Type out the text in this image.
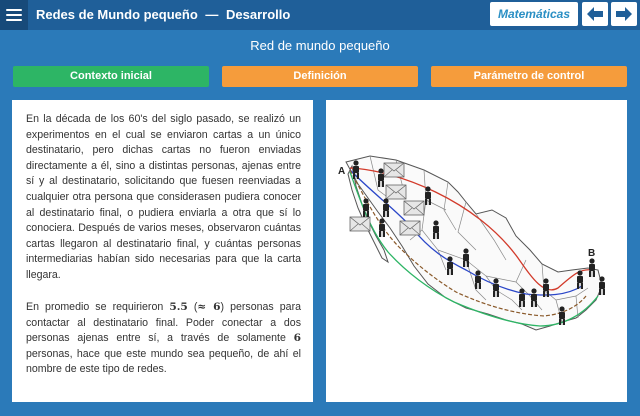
Redes de Mundo pequeño — Desarrollo	Matemáticas
Red de mundo pequeño
Contexto inicial	Definición	Parámetro de control

En la década de los 60's del siglo pasado, se realizó un experimentos en el cual se enviaron cartas a un único destinatario, pero dichas cartas no fueron enviadas directamente a él, sino a distintas personas, ajenas entre sí y al destinatario, solicitando que fuesen reenviadas a cualquier otra persona que considerasen pudiera conocer al destinatario final, o pudiera enviarla a otra que sí lo conociera. Después de varios meses, observaron cuántas cartas llegaron al destinatario final, y cuántas personas intermediarias habían sido necesarias para que la carta llegara.

En promedio se requirieron 5.5 (≈ 6) personas para contactar al destinatario final. Poder conectar a dos personas ajenas entre sí, a través de solamente 6 personas, hace que este mundo sea pequeño, de ahí el nombre de este tipo de redes.

A
B
